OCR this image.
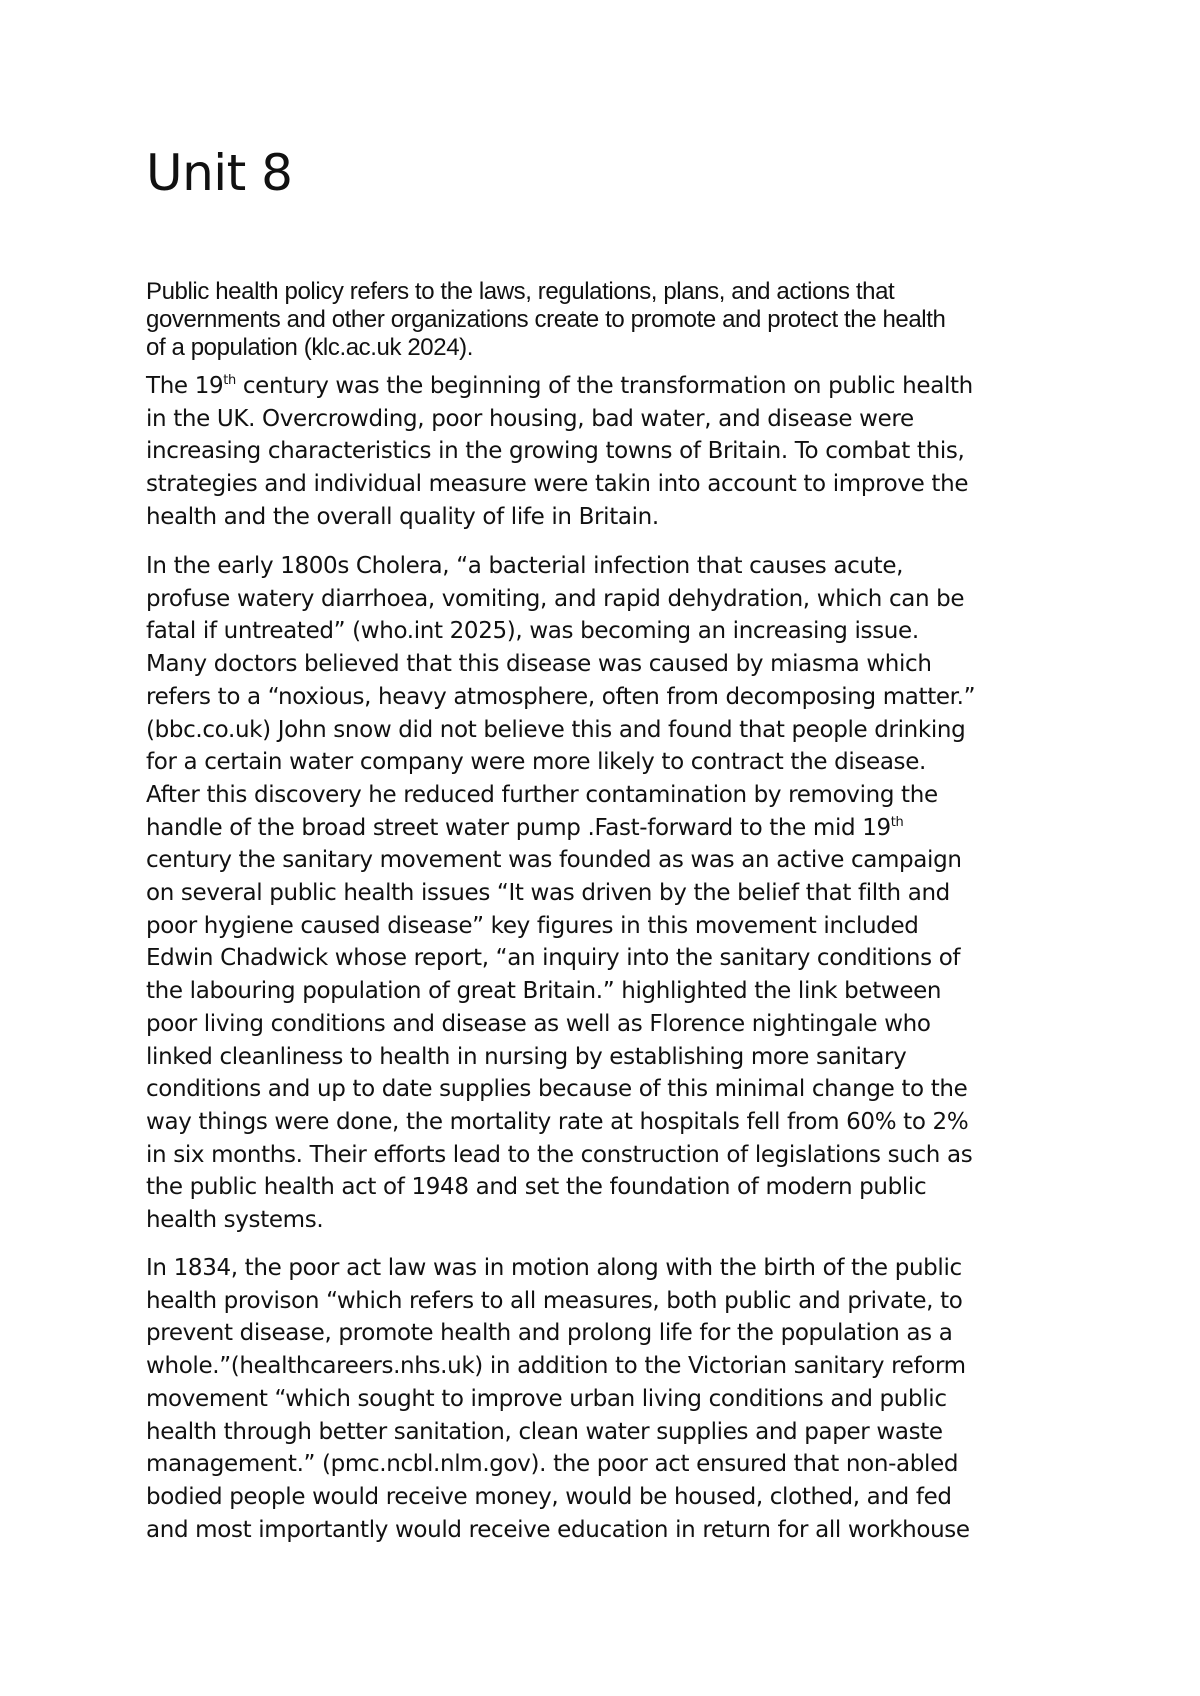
Unit 8

Public health policy refers to the laws, regulations, plans, and actions that
governments and other organizations create to promote and protect the health
of a population (klc.ac.uk 2024).

The 19th century was the beginning of the transformation on public health
in the UK. Overcrowding, poor housing, bad water, and disease were
increasing characteristics in the growing towns of Britain. To combat this,
strategies and individual measure were takin into account to improve the
health and the overall quality of life in Britain.

In the early 1800s Cholera, “a bacterial infection that causes acute,
profuse watery diarrhoea, vomiting, and rapid dehydration, which can be
fatal if untreated” (who.int 2025), was becoming an increasing issue.
Many doctors believed that this disease was caused by miasma which
refers to a “noxious, heavy atmosphere, often from decomposing matter.”
(bbc.co.uk) John snow did not believe this and found that people drinking
for a certain water company were more likely to contract the disease.
After this discovery he reduced further contamination by removing the
handle of the broad street water pump .Fast-forward to the mid 19th
century the sanitary movement was founded as was an active campaign
on several public health issues “It was driven by the belief that filth and
poor hygiene caused disease” key figures in this movement included
Edwin Chadwick whose report, “an inquiry into the sanitary conditions of
the labouring population of great Britain.” highlighted the link between
poor living conditions and disease as well as Florence nightingale who
linked cleanliness to health in nursing by establishing more sanitary
conditions and up to date supplies because of this minimal change to the
way things were done, the mortality rate at hospitals fell from 60% to 2%
in six months. Their efforts lead to the construction of legislations such as
the public health act of 1948 and set the foundation of modern public
health systems.

In 1834, the poor act law was in motion along with the birth of the public
health provison “which refers to all measures, both public and private, to
prevent disease, promote health and prolong life for the population as a
whole.”(healthcareers.nhs.uk) in addition to the Victorian sanitary reform
movement “which sought to improve urban living conditions and public
health through better sanitation, clean water supplies and paper waste
management.” (pmc.ncbl.nlm.gov). the poor act ensured that non-abled
bodied people would receive money, would be housed, clothed, and fed
and most importantly would receive education in return for all workhouse
